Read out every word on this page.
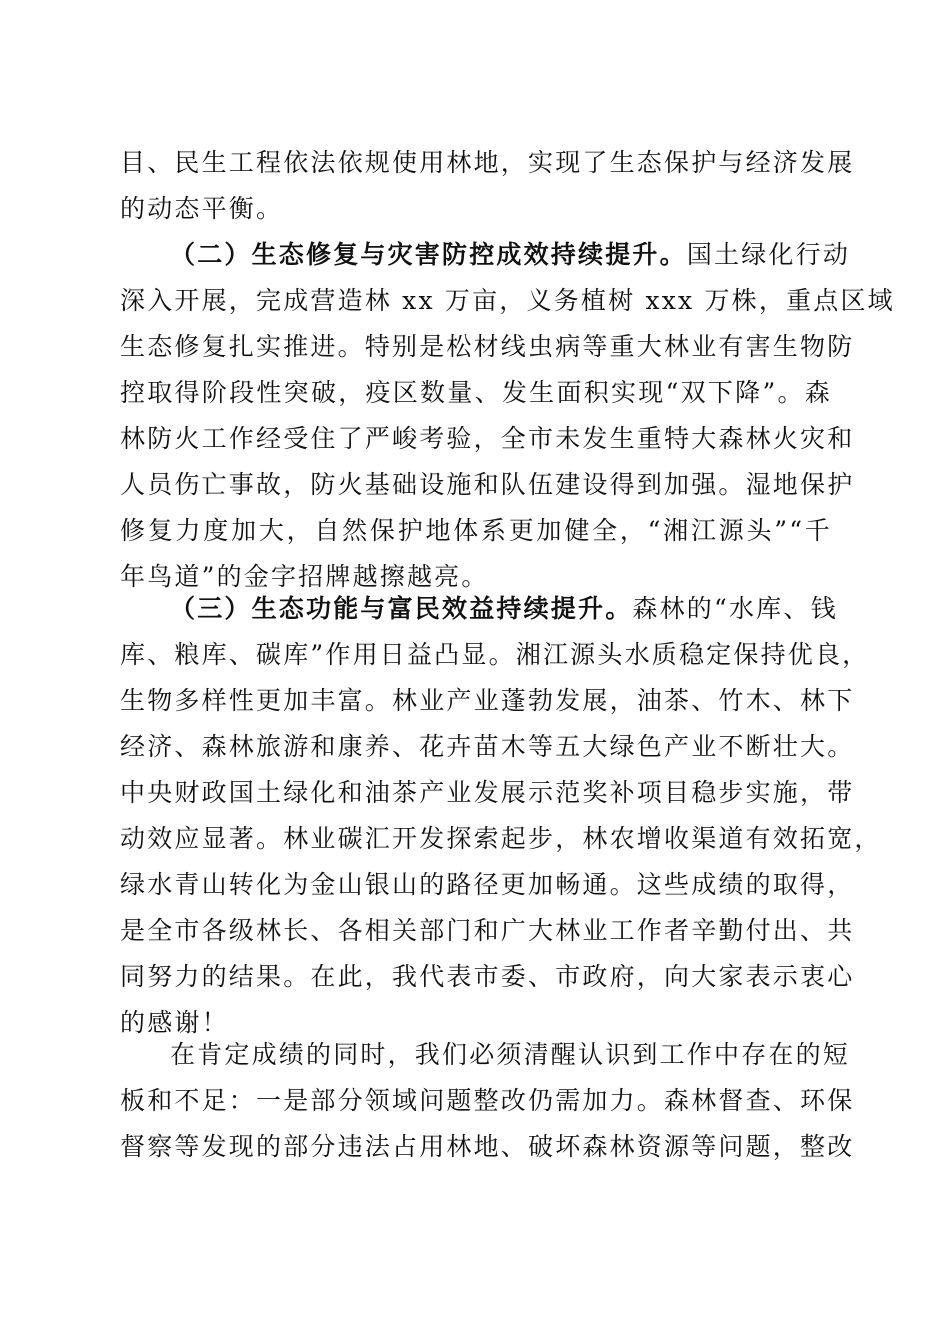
目、民生工程依法依规使用林地，实现了生态保护与经济发展
的动态平衡。
（二）生态修复与灾害防控成效持续提升。国土绿化行动
深入开展，完成营造林 xx 万亩，义务植树 xxx 万株，重点区域
生态修复扎实推进。特别是松材线虫病等重大林业有害生物防
控取得阶段性突破，疫区数量、发生面积实现“双下降”。森
林防火工作经受住了严峻考验，全市未发生重特大森林火灾和
人员伤亡事故，防火基础设施和队伍建设得到加强。湿地保护
修复力度加大，自然保护地体系更加健全，“湘江源头”“千
年鸟道”的金字招牌越擦越亮。
（三）生态功能与富民效益持续提升。森林的“水库、钱
库、粮库、碳库”作用日益凸显。湘江源头水质稳定保持优良，
生物多样性更加丰富。林业产业蓬勃发展，油茶、竹木、林下
经济、森林旅游和康养、花卉苗木等五大绿色产业不断壮大。
中央财政国土绿化和油茶产业发展示范奖补项目稳步实施，带
动效应显著。林业碳汇开发探索起步，林农增收渠道有效拓宽，
绿水青山转化为金山银山的路径更加畅通。这些成绩的取得，
是全市各级林长、各相关部门和广大林业工作者辛勤付出、共
同努力的结果。在此，我代表市委、市政府，向大家表示衷心
的感谢！
在肯定成绩的同时，我们必须清醒认识到工作中存在的短
板和不足：一是部分领域问题整改仍需加力。森林督查、环保
督察等发现的部分违法占用林地、破坏森林资源等问题，整改
